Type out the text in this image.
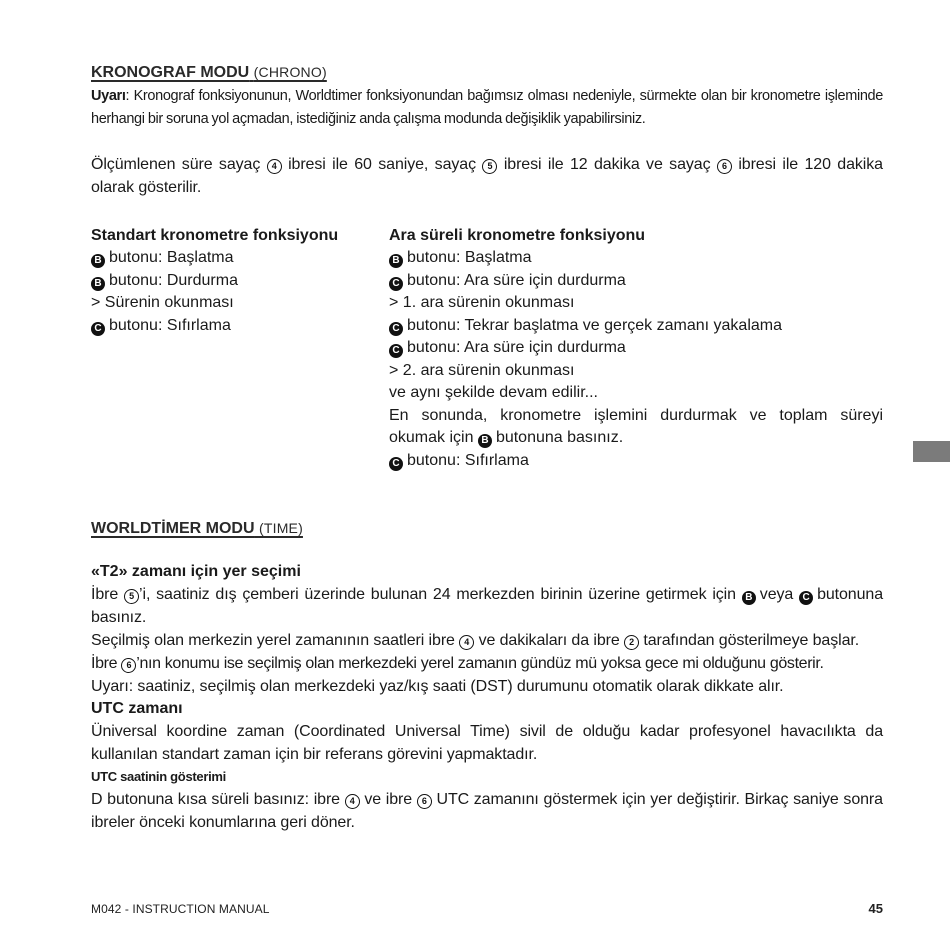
KRONOGRAF MODU (CHRONO)

Uyarı: Kronograf fonksiyonunun, Worldtimer fonksiyonundan bağımsız olması nedeniyle, sürmekte olan bir kronometre işleminde herhangi bir soruna yol açmadan, istediğiniz anda çalışma modunda değişiklik yapabilirsiniz.

Ölçümlenen süre sayaç 4 ibresi ile 60 saniye, sayaç 5 ibresi ile 12 dakika ve sayaç 6 ibresi ile 120 dakika olarak gösterilir.

Standart kronometre fonksiyonu

B butonu: Başlatma

B butonu: Durdurma

> Sürenin okunması

C butonu: Sıfırlama

Ara süreli kronometre fonksiyonu

B butonu: Başlatma

C butonu: Ara süre için durdurma

> 1. ara sürenin okunması

C butonu: Tekrar başlatma ve gerçek zamanı yakalama

C butonu: Ara süre için durdurma

> 2. ara sürenin okunması

ve aynı şekilde devam edilir...

En sonunda, kronometre işlemini durdurmak ve toplam süreyi okumak için B butonuna basınız.

C butonu: Sıfırlama

WORLDTİMER MODU (TIME)

«T2» zamanı için yer seçimi

İbre 5 ’i, saatiniz dış çemberi üzerinde bulunan 24 merkezden birinin üzerine getirmek için B veya C butonuna basınız.

Seçilmiş olan merkezin yerel zamanının saatleri ibre 4 ve dakikaları da ibre 2 tarafından gösterilmeye başlar.

İbre 6 ’nın konumu ise seçilmiş olan merkezdeki yerel zamanın gündüz mü yoksa gece mi olduğunu gösterir.

Uyarı: saatiniz, seçilmiş olan merkezdeki yaz/kış saati (DST) durumunu otomatik olarak dikkate alır.

UTC zamanı

Üniversal koordine zaman (Coordinated Universal Time) sivil de olduğu kadar profesyonel havacılıkta da kullanılan standart zaman için bir referans görevini yapmaktadır.

UTC saatinin gösterimi

D butonuna kısa süreli basınız: ibre 4 ve ibre 6 UTC zamanını göstermek için yer değiştirir. Birkaç saniye sonra ibreler önceki konumlarına geri döner.

M042 - INSTRUCTION MANUAL	45
